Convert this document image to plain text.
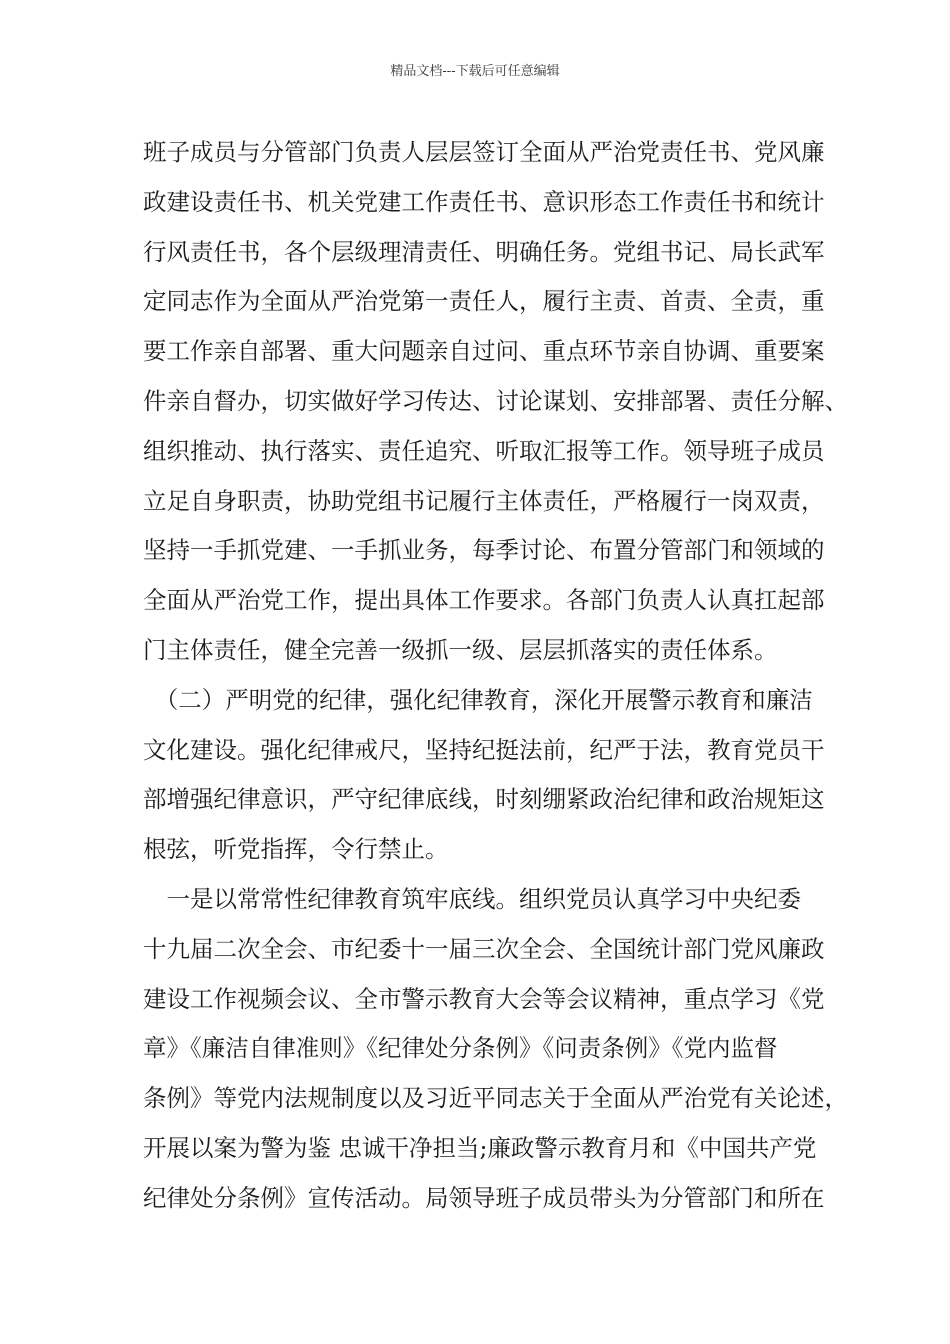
精品文档---下载后可任意编辑
班子成员与分管部门负责人层层签订全面从严治党责任书、党风廉
政建设责任书、机关党建工作责任书、意识形态工作责任书和统计
行风责任书，各个层级理清责任、明确任务。党组书记、局长武军
定同志作为全面从严治党第一责任人，履行主责、首责、全责，重
要工作亲自部署、重大问题亲自过问、重点环节亲自协调、重要案
件亲自督办，切实做好学习传达、讨论谋划、安排部署、责任分解、
组织推动、执行落实、责任追究、听取汇报等工作。领导班子成员
立足自身职责，协助党组书记履行主体责任，严格履行一岗双责，
坚持一手抓党建、一手抓业务，每季讨论、布置分管部门和领域的
全面从严治党工作，提出具体工作要求。各部门负责人认真扛起部
门主体责任，健全完善一级抓一级、层层抓落实的责任体系。
　（二）严明党的纪律，强化纪律教育，深化开展警示教育和廉洁
文化建设。强化纪律戒尺，坚持纪挺法前，纪严于法，教育党员干
部增强纪律意识，严守纪律底线，时刻绷紧政治纪律和政治规矩这
根弦，听党指挥，令行禁止。
　一是以常常性纪律教育筑牢底线。组织党员认真学习中央纪委
十九届二次全会、市纪委十一届三次全会、全国统计部门党风廉政
建设工作视频会议、全市警示教育大会等会议精神，重点学习《党
章》《廉洁自律准则》《纪律处分条例》《问责条例》《党内监督
条例》等党内法规制度以及习近平同志关于全面从严治党有关论述，
开展以案为警为鉴 忠诚干净担当;廉政警示教育月和《中国共产党
纪律处分条例》宣传活动。局领导班子成员带头为分管部门和所在
